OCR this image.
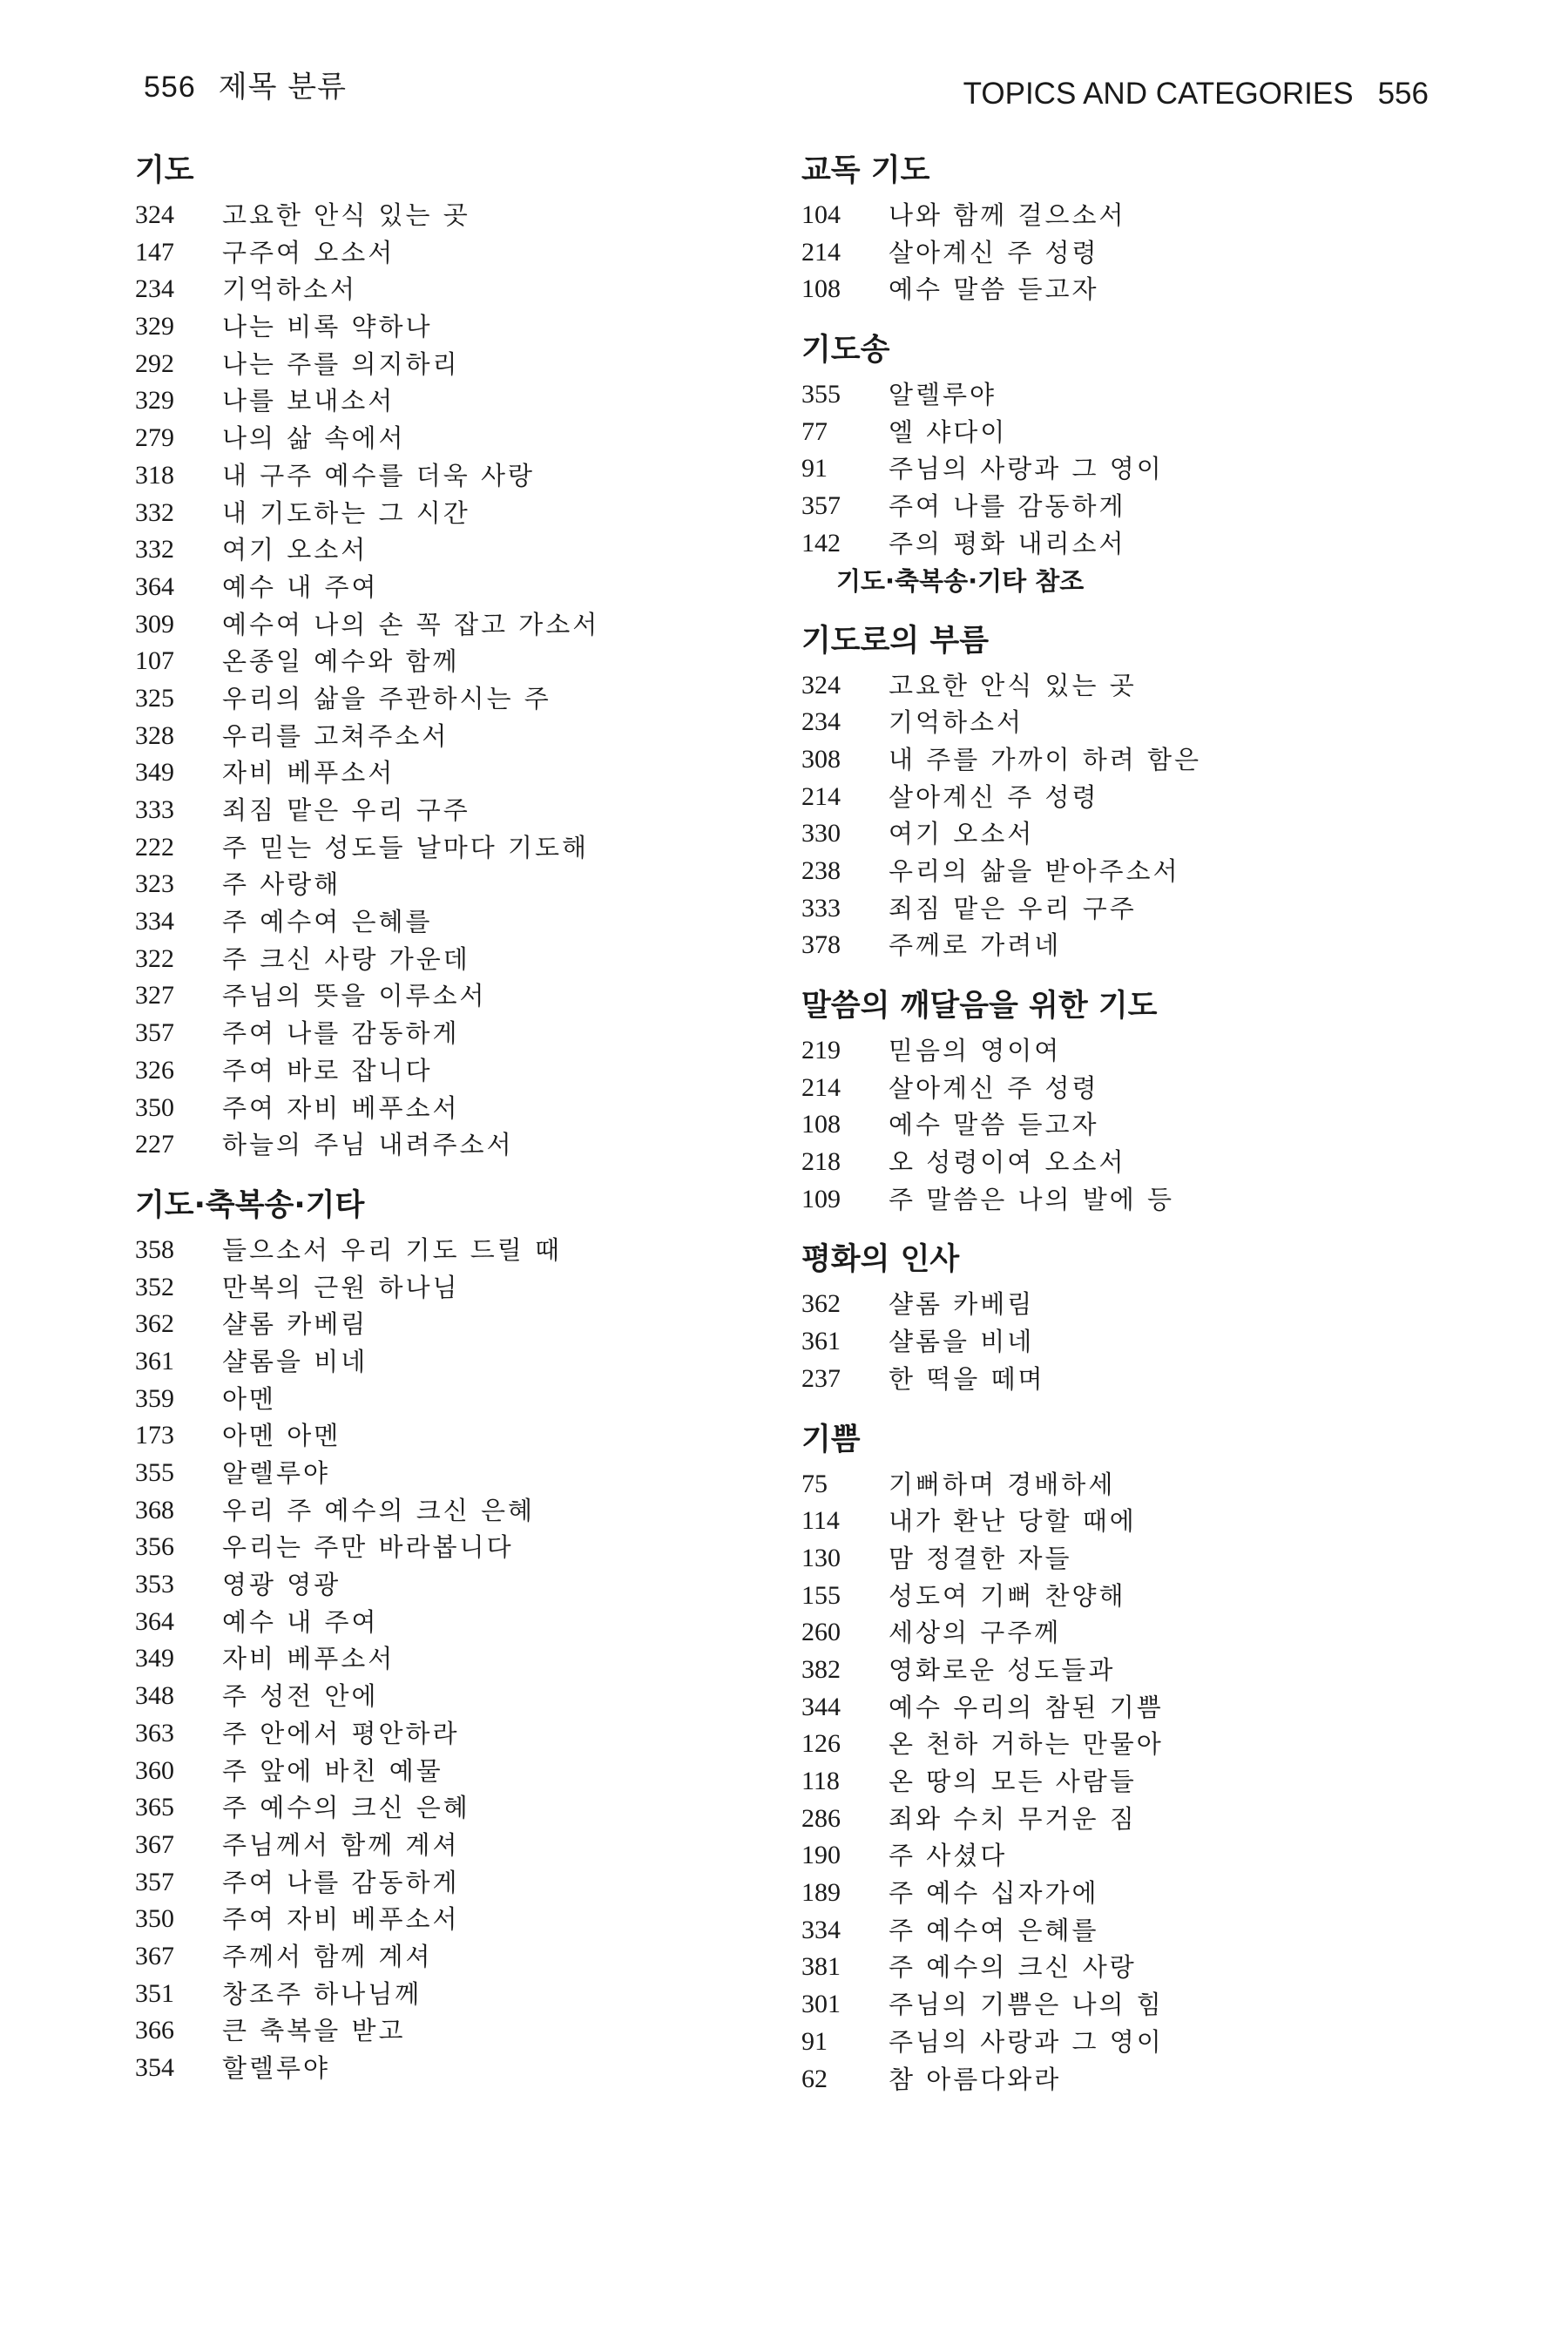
556 제목 분류	TOPICS AND CATEGORIES 556
기도
324	고요한 안식 있는 곳
147	구주여 오소서
234	기억하소서
329	나는 비록 약하나
292	나는 주를 의지하리
329	나를 보내소서
279	나의 삶 속에서
318	내 구주 예수를 더욱 사랑
332	내 기도하는 그 시간
332	여기 오소서
364	예수 내 주여
309	예수여 나의 손 꼭 잡고 가소서
107	온종일 예수와 함께
325	우리의 삶을 주관하시는 주
328	우리를 고쳐주소서
349	자비 베푸소서
333	죄짐 맡은 우리 구주
222	주 믿는 성도들 날마다 기도해
323	주 사랑해
334	주 예수여 은혜를
322	주 크신 사랑 가운데
327	주님의 뜻을 이루소서
357	주여 나를 감동하게
326	주여 바로 잡니다
350	주여 자비 베푸소서
227	하늘의 주님 내려주소서
기도·축복송·기타
358	들으소서 우리 기도 드릴 때
352	만복의 근원 하나님
362	샬롬 카베림
361	샬롬을 비네
359	아멘
173	아멘 아멘
355	알렐루야
368	우리 주 예수의 크신 은혜
356	우리는 주만 바라봅니다
353	영광 영광
364	예수 내 주여
349	자비 베푸소서
348	주 성전 안에
363	주 안에서 평안하라
360	주 앞에 바친 예물
365	주 예수의 크신 은혜
367	주님께서 함께 계셔
357	주여 나를 감동하게
350	주여 자비 베푸소서
367	주께서 함께 계셔
351	창조주 하나님께
366	큰 축복을 받고
354	할렐루야
교독 기도
104	나와 함께 걸으소서
214	살아계신 주 성령
108	예수 말씀 듣고자
기도송
355	알렐루야
77	엘 샤다이
91	주님의 사랑과 그 영이
357	주여 나를 감동하게
142	주의 평화 내리소서
기도·축복송·기타 참조
기도로의 부름
324	고요한 안식 있는 곳
234	기억하소서
308	내 주를 가까이 하려 함은
214	살아계신 주 성령
330	여기 오소서
238	우리의 삶을 받아주소서
333	죄짐 맡은 우리 구주
378	주께로 가려네
말씀의 깨달음을 위한 기도
219	믿음의 영이여
214	살아계신 주 성령
108	예수 말씀 듣고자
218	오 성령이여 오소서
109	주 말씀은 나의 발에 등
평화의 인사
362	샬롬 카베림
361	샬롬을 비네
237	한 떡을 떼며
기쁨
75	기뻐하며 경배하세
114	내가 환난 당할 때에
130	맘 정결한 자들
155	성도여 기뻐 찬양해
260	세상의 구주께
382	영화로운 성도들과
344	예수 우리의 참된 기쁨
126	온 천하 거하는 만물아
118	온 땅의 모든 사람들
286	죄와 수치 무거운 짐
190	주 사셨다
189	주 예수 십자가에
334	주 예수여 은혜를
381	주 예수의 크신 사랑
301	주님의 기쁨은 나의 힘
91	주님의 사랑과 그 영이
62	참 아름다와라
